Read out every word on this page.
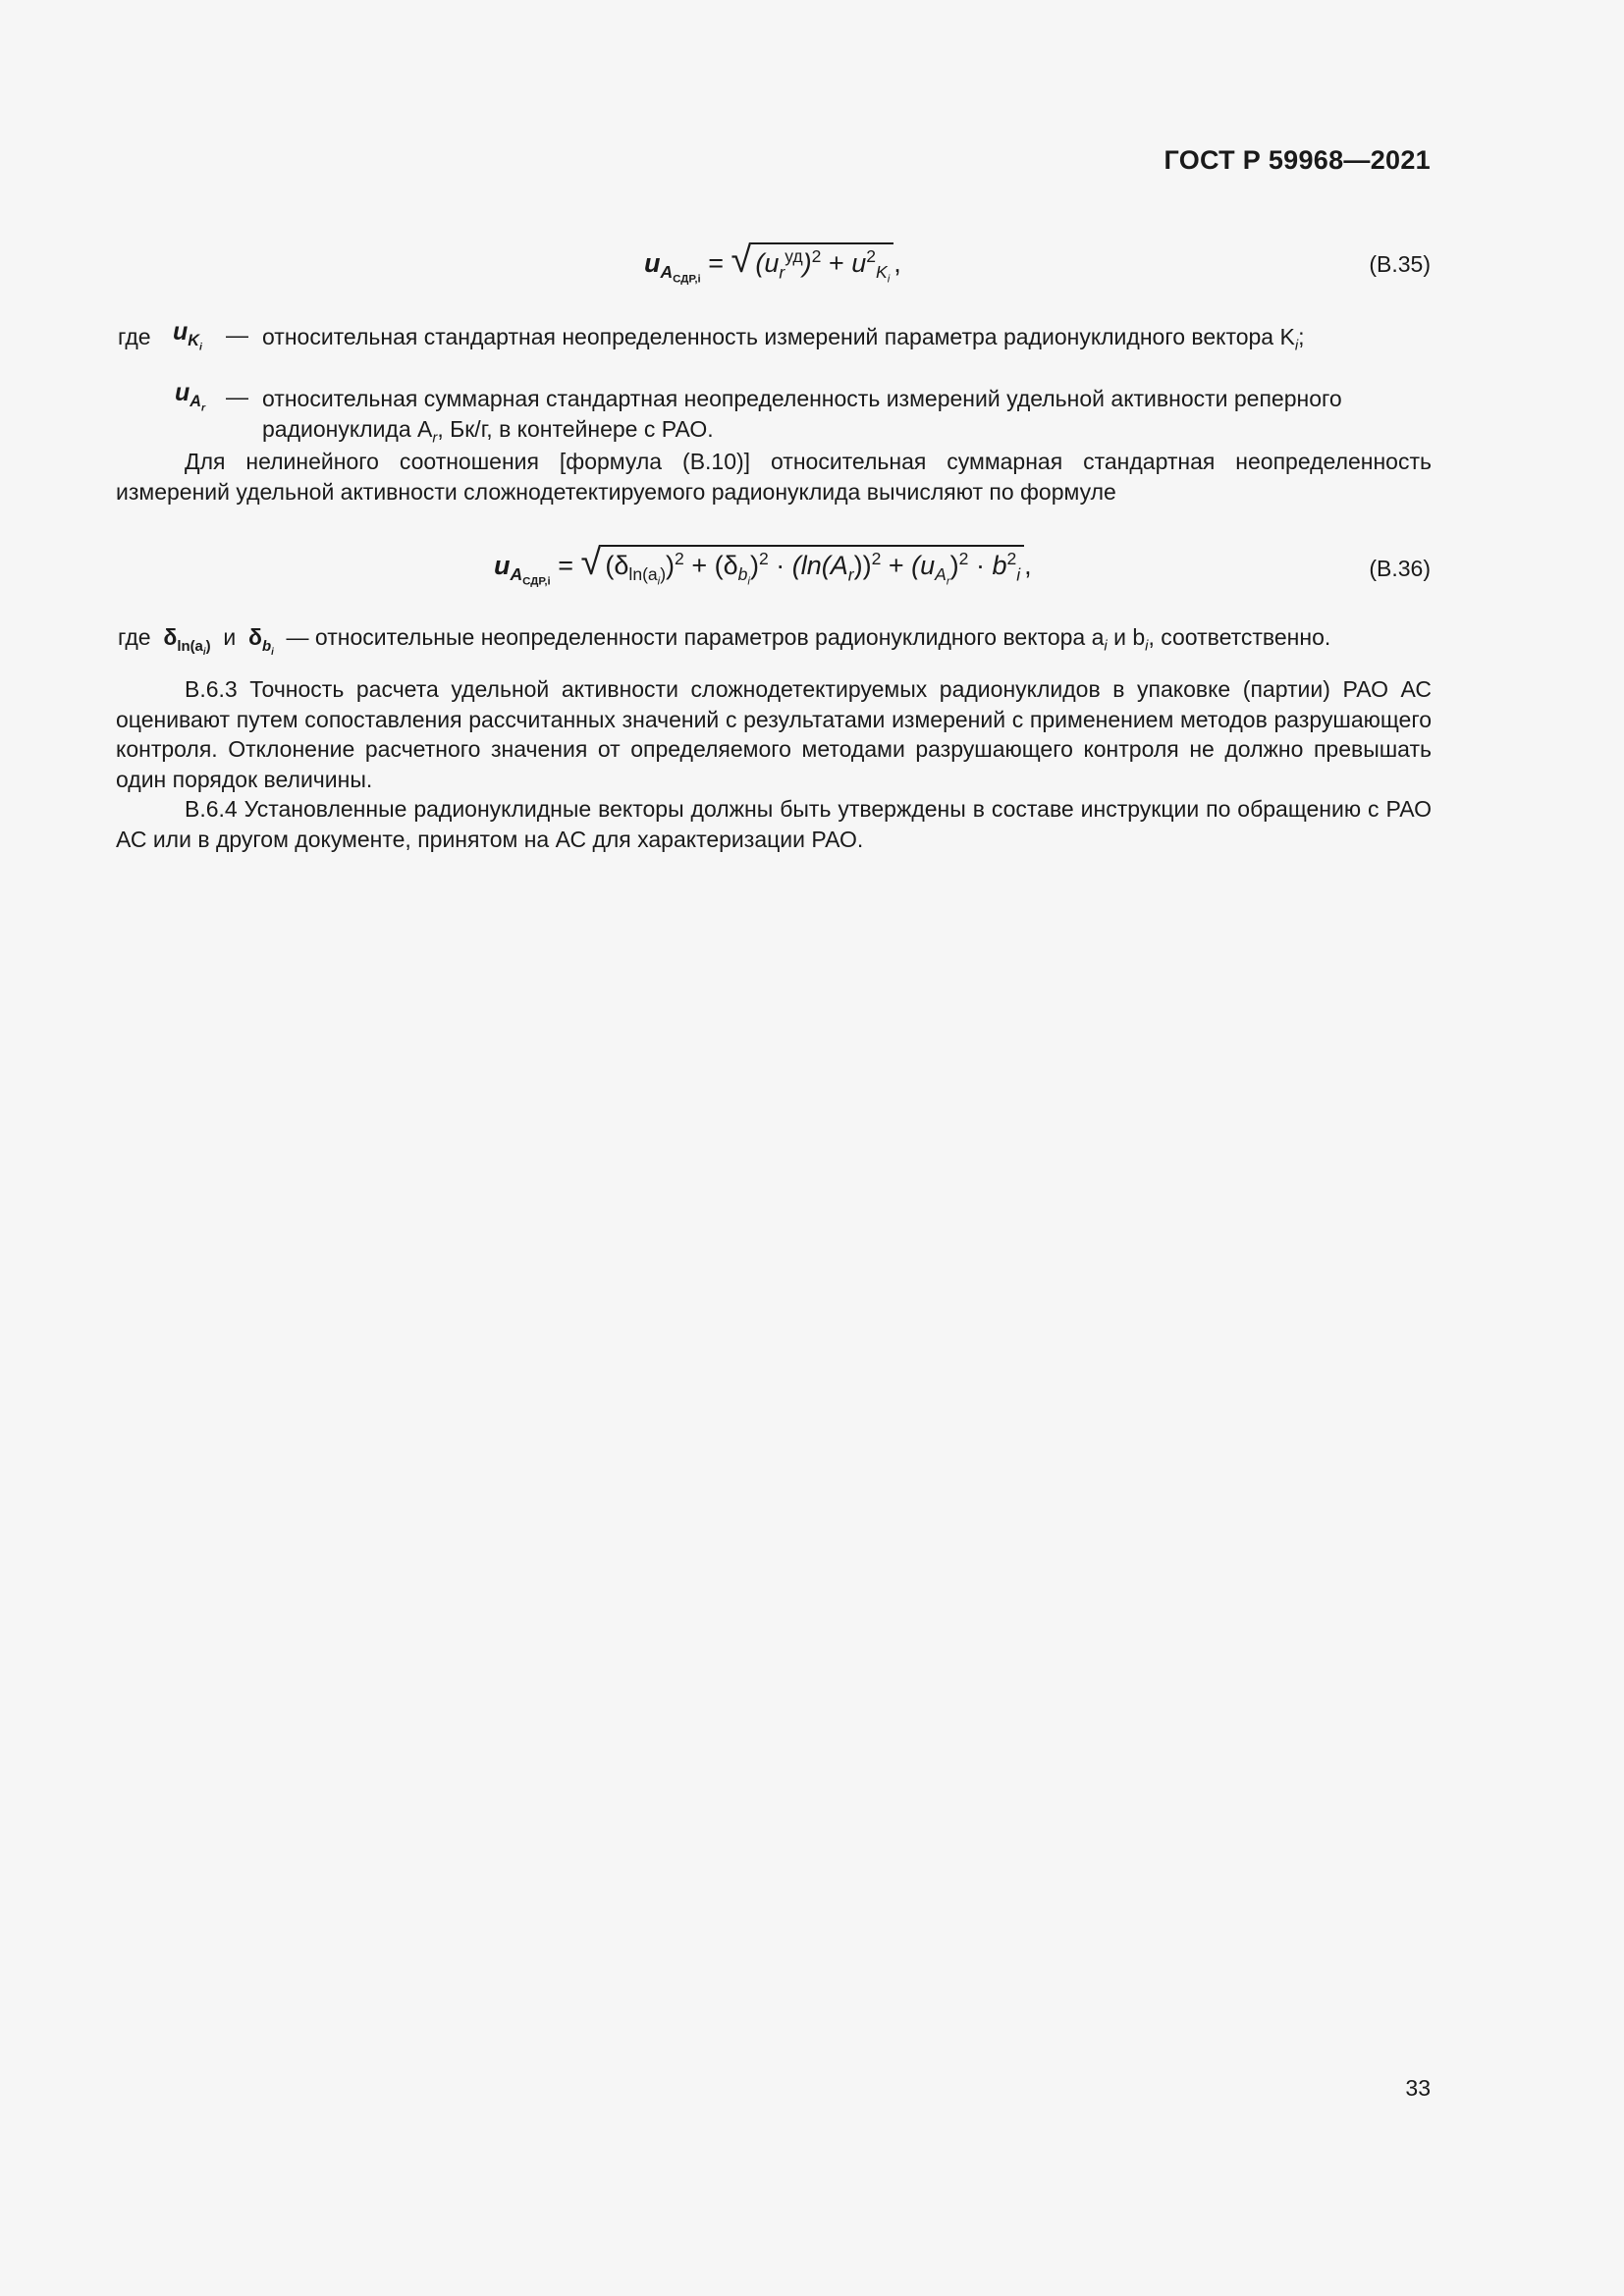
ГОСТ Р 59968—2021
$u_{A_{СДР,i}}$ = √ $(u_r^{уд})^2 + u^2_{K_i}$,	(В.35)
где $u_{K_i}$ — относительная стандартная неопределенность измерений параметра радионуклидного вектора $K_i$;
$u_{A_r}$ — относительная суммарная стандартная неопределенность измерений удельной активности реперного
радионуклида $A_r$, Бк/г, в контейнере с РАО.
Для нелинейного соотношения [формула (В.10)] относительная суммарная стандартная неопределенность измерений удельной активности сложнодетектируемого радионуклида вычисляют по формуле
$u_{A_{СДР,i}}$ = √ $(\delta_{ln(a_i)})^2 + (\delta_{b_i})^2 \cdot (\ln(A_r))^2 + (u_{A_r})^2 \cdot b^2_i$ ,	(В.36)
где $\delta_{ln(a_i)}$ и $\delta_{b_i}$  — относительные неопределенности параметров радионуклидного вектора $a_i$ и $b_i$, соответственно.
В.6.3 Точность расчета удельной активности сложнодетектируемых радионуклидов в упаковке (партии) РАО АС оценивают путем сопоставления рассчитанных значений с результатами измерений с применением методов разрушающего контроля. Отклонение расчетного значения от определяемого методами разрушающего контроля не должно превышать один порядок величины.
В.6.4 Установленные радионуклидные векторы должны быть утверждены в составе инструкции по обращению с РАО АС или в другом документе, принятом на АС для характеризации РАО.
33
